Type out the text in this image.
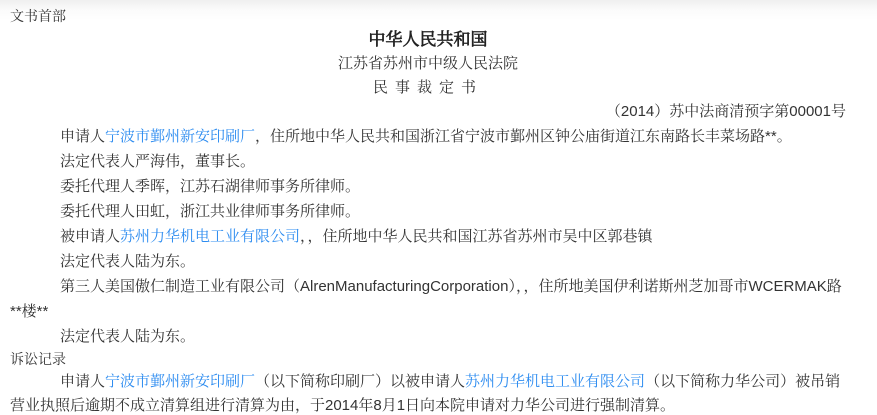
文书首部
中华人民共和国
江苏省苏州市中级人民法院
民事裁定书
（2014）苏中法商清预字第00001号

申请人宁波市鄞州新安印刷厂，住所地中华人民共和国浙江省宁波市鄞州区钟公庙街道江东南路长丰菜场路**。

法定代表人严海伟，董事长。

委托代理人季晖，江苏石湖律师事务所律师。

委托代理人田虹，浙江共业律师事务所律师。

被申请人苏州力华机电工业有限公司，，住所地中华人民共和国江苏省苏州市吴中区郭巷镇

法定代表人陆为东。

第三人美国傲仁制造工业有限公司（AlrenManufacturingCorporation），，住所地美国伊利诺斯州芝加哥市WCERMAK路**楼**

法定代表人陆为东。

诉讼记录

申请人宁波市鄞州新安印刷厂（以下简称印刷厂）以被申请人苏州力华机电工业有限公司（以下简称力华公司）被吊销营业执照后逾期不成立清算组进行清算为由，于2014年8月1日向本院申请对力华公司进行强制清算。
